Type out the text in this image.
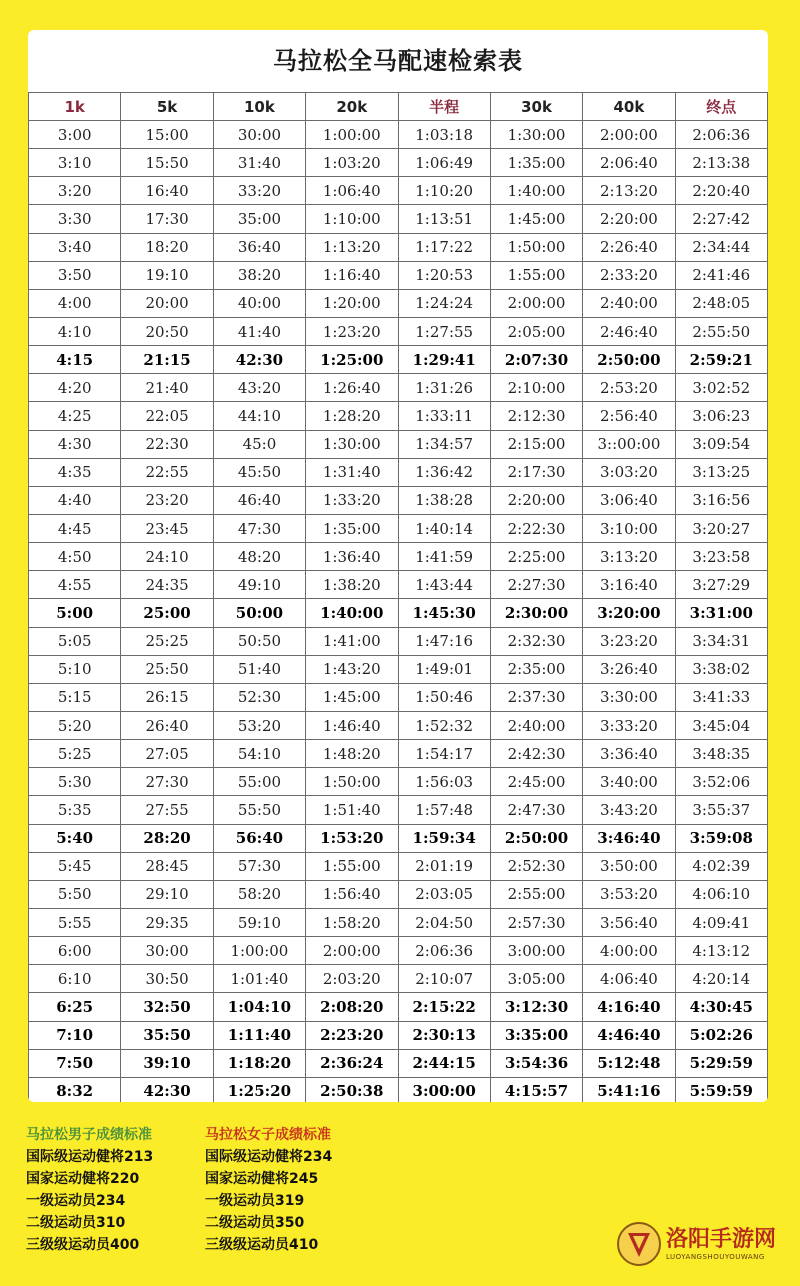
马拉松全马配速检索表
1k	5k	10k	20k	半程	30k	40k	终点
3:00	15:00	30:00	1:00:00	1:03:18	1:30:00	2:00:00	2:06:36
3:10	15:50	31:40	1:03:20	1:06:49	1:35:00	2:06:40	2:13:38
3:20	16:40	33:20	1:06:40	1:10:20	1:40:00	2:13:20	2:20:40
3:30	17:30	35:00	1:10:00	1:13:51	1:45:00	2:20:00	2:27:42
3:40	18:20	36:40	1:13:20	1:17:22	1:50:00	2:26:40	2:34:44
3:50	19:10	38:20	1:16:40	1:20:53	1:55:00	2:33:20	2:41:46
4:00	20:00	40:00	1:20:00	1:24:24	2:00:00	2:40:00	2:48:05
4:10	20:50	41:40	1:23:20	1:27:55	2:05:00	2:46:40	2:55:50
4:15	21:15	42:30	1:25:00	1:29:41	2:07:30	2:50:00	2:59:21
4:20	21:40	43:20	1:26:40	1:31:26	2:10:00	2:53:20	3:02:52
4:25	22:05	44:10	1:28:20	1:33:11	2:12:30	2:56:40	3:06:23
4:30	22:30	45:0	1:30:00	1:34:57	2:15:00	3::00:00	3:09:54
4:35	22:55	45:50	1:31:40	1:36:42	2:17:30	3:03:20	3:13:25
4:40	23:20	46:40	1:33:20	1:38:28	2:20:00	3:06:40	3:16:56
4:45	23:45	47:30	1:35:00	1:40:14	2:22:30	3:10:00	3:20:27
4:50	24:10	48:20	1:36:40	1:41:59	2:25:00	3:13:20	3:23:58
4:55	24:35	49:10	1:38:20	1:43:44	2:27:30	3:16:40	3:27:29
5:00	25:00	50:00	1:40:00	1:45:30	2:30:00	3:20:00	3:31:00
5:05	25:25	50:50	1:41:00	1:47:16	2:32:30	3:23:20	3:34:31
5:10	25:50	51:40	1:43:20	1:49:01	2:35:00	3:26:40	3:38:02
5:15	26:15	52:30	1:45:00	1:50:46	2:37:30	3:30:00	3:41:33
5:20	26:40	53:20	1:46:40	1:52:32	2:40:00	3:33:20	3:45:04
5:25	27:05	54:10	1:48:20	1:54:17	2:42:30	3:36:40	3:48:35
5:30	27:30	55:00	1:50:00	1:56:03	2:45:00	3:40:00	3:52:06
5:35	27:55	55:50	1:51:40	1:57:48	2:47:30	3:43:20	3:55:37
5:40	28:20	56:40	1:53:20	1:59:34	2:50:00	3:46:40	3:59:08
5:45	28:45	57:30	1:55:00	2:01:19	2:52:30	3:50:00	4:02:39
5:50	29:10	58:20	1:56:40	2:03:05	2:55:00	3:53:20	4:06:10
5:55	29:35	59:10	1:58:20	2:04:50	2:57:30	3:56:40	4:09:41
6:00	30:00	1:00:00	2:00:00	2:06:36	3:00:00	4:00:00	4:13:12
6:10	30:50	1:01:40	2:03:20	2:10:07	3:05:00	4:06:40	4:20:14
6:25	32:50	1:04:10	2:08:20	2:15:22	3:12:30	4:16:40	4:30:45
7:10	35:50	1:11:40	2:23:20	2:30:13	3:35:00	4:46:40	5:02:26
7:50	39:10	1:18:20	2:36:24	2:44:15	3:54:36	5:12:48	5:29:59
8:32	42:30	1:25:20	2:50:38	3:00:00	4:15:57	5:41:16	5:59:59
马拉松男子成绩标准
国际级运动健将213
国家运动健将220
一级运动员234
二级运动员310
三级级运动员400
马拉松女子成绩标准
国际级运动健将234
国家运动健将245
一级运动员319
二级运动员350
三级级运动员410	洛阳手游网
LUOYANGSHOUYOUWANG
